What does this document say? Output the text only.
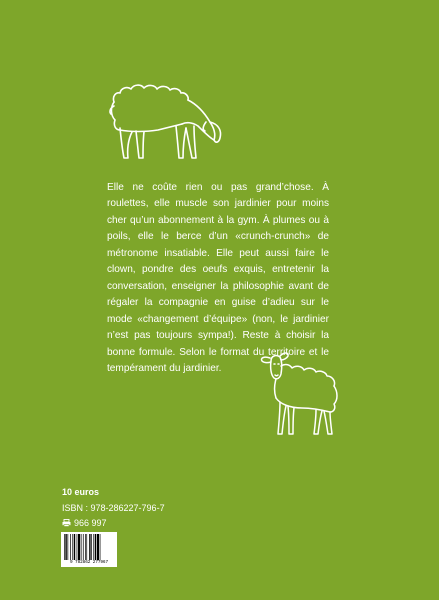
Elle ne coûte rien ou pas grand’chose. À roulettes, elle muscle son jardinier pour moins cher qu’un abonnement à la gym. À plumes ou à poils, elle le berce d’un «crunch-crunch» de métronome insatiable. Elle peut aussi faire le clown, pondre des oeufs exquis, entretenir la conversation, enseigner la philosophie avant de régaler la compagnie en guise d’adieu sur le mode «changement d’équipe» (non, le jardinier n’est pas toujours sympa!). Reste à choisir la bonne formule. Selon le format du territoire et le tempérament du jardinier.

10 euros
ISBN : 978-286227-796-7
966 997
9 782862 277967
